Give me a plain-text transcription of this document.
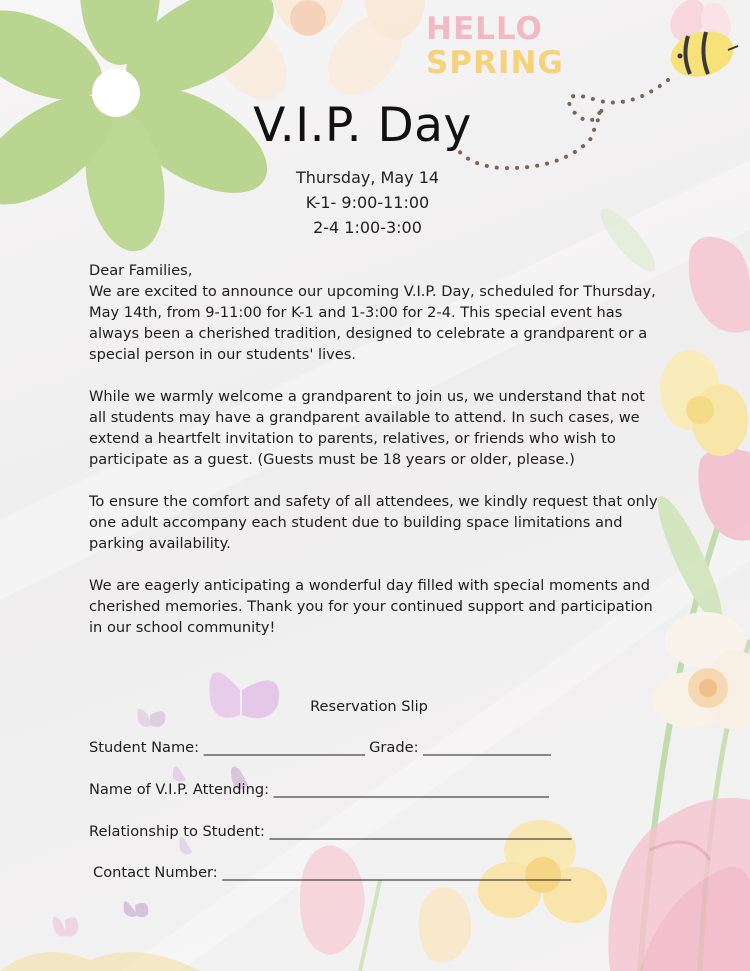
HELLO
SPRING
V.I.P. Day
Thursday, May 14
K-1- 9:00-11:00
2-4 1:00-3:00

Dear Families,

We are excited to announce our upcoming V.I.P. Day, scheduled for Thursday, May 14th, from 9-11:00 for K-1 and 1-3:00 for 2-4. This special event has always been a cherished tradition, designed to celebrate a grandparent or a special person in our students' lives.

While we warmly welcome a grandparent to join us, we understand that not all students may have a grandparent available to attend. In such cases, we extend a heartfelt invitation to parents, relatives, or friends who wish to participate as a guest. (Guests must be 18 years or older, please.)

To ensure the comfort and safety of all attendees, we kindly request that only one adult accompany each student due to building space limitations and parking availability.

We are eagerly anticipating a wonderful day filled with special moments and cherished memories. Thank you for your continued support and participation in our school community!

Reservation Slip
Student Name: ________________________ Grade: ___________________
Name of V.I.P. Attending: _________________________________________
Relationship to Student: _____________________________________________
Contact Number: ____________________________________________________
